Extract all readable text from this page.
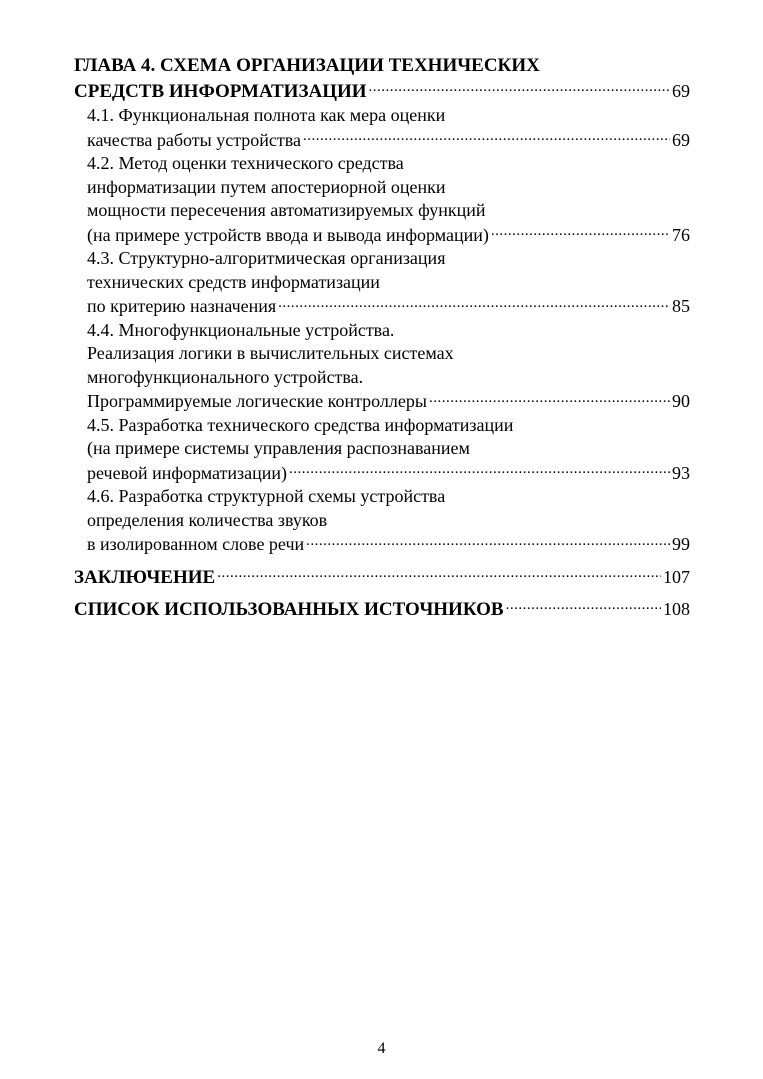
ГЛАВА 4. СХЕМА ОРГАНИЗАЦИИ ТЕХНИЧЕСКИХ
СРЕДСТВ ИНФОРМАТИЗАЦИИ .....	69
4.1. Функциональная полнота как мера оценки
качества работы устройства .....	69
4.2. Метод оценки технического средства
информатизации путем апостериорной оценки
мощности пересечения автоматизируемых функций
(на примере устройств ввода и вывода информации) .....	76
4.3. Структурно-алгоритмическая организация
технических средств информатизации
по критерию назначения .....	85
4.4. Многофункциональные устройства.
Реализация логики в вычислительных системах
многофункционального устройства.
Программируемые логические контроллеры .....	90
4.5. Разработка технического средства информатизации
(на примере системы управления распознаванием
речевой информатизации) .....	93
4.6. Разработка структурной схемы устройства
определения количества звуков
в изолированном слове речи .....	99
ЗАКЛЮЧЕНИЕ .....	107
СПИСОК ИСПОЛЬЗОВАННЫХ ИСТОЧНИКОВ .....	108
4
